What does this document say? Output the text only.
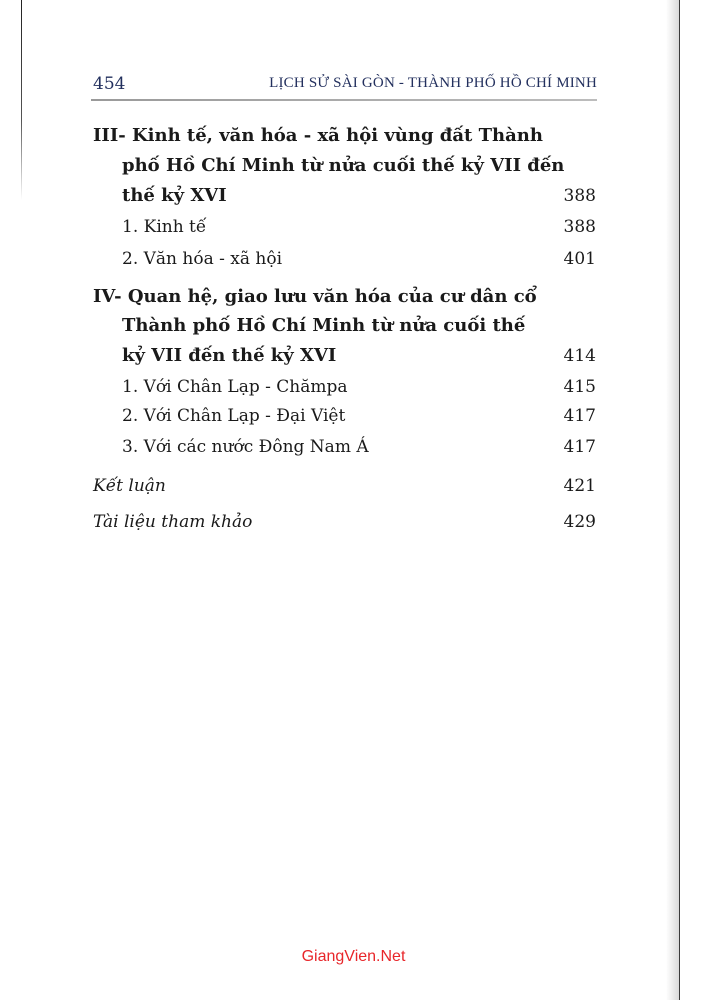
454	LỊCH SỬ SÀI GÒN - THÀNH PHỐ HỒ CHÍ MINH
III- Kinh tế, văn hóa - xã hội vùng đất Thành
phố Hồ Chí Minh từ nửa cuối thế kỷ VII đến
thế kỷ XVI	388
1. Kinh tế	388
2. Văn hóa - xã hội	401
IV- Quan hệ, giao lưu văn hóa của cư dân cổ
Thành phố Hồ Chí Minh từ nửa cuối thế
kỷ VII đến thế kỷ XVI	414
1. Với Chân Lạp - Chămpa	415
2. Với Chân Lạp - Đại Việt	417
3. Với các nước Đông Nam Á	417
Kết luận	421
Tài liệu tham khảo	429
GiangVien.Net
